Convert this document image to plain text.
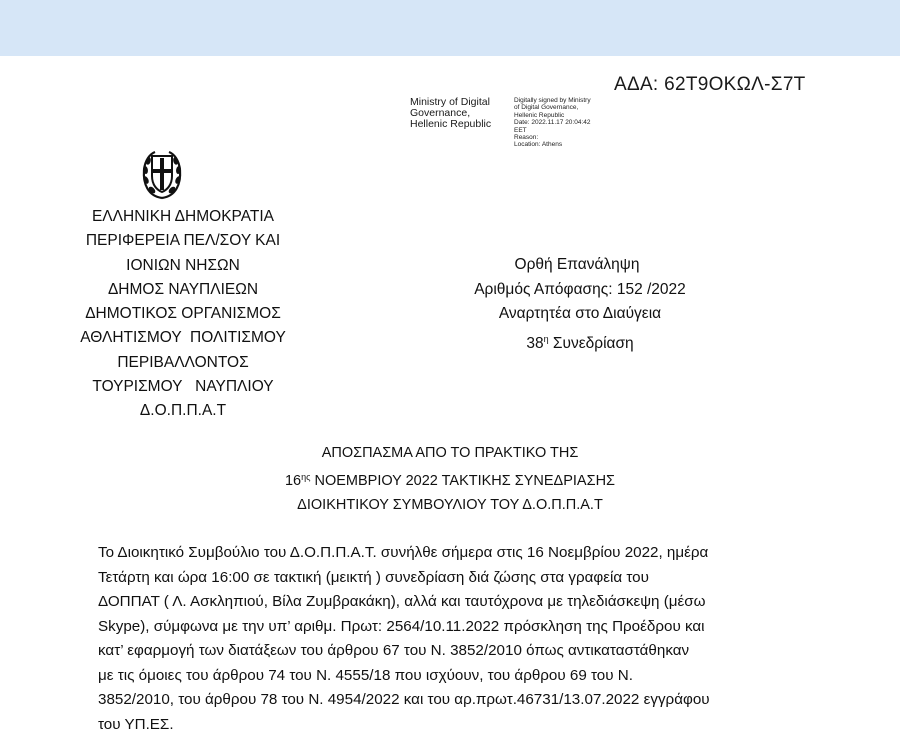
ΑΔΑ: 62Τ9ΟΚΩΛ-Σ7Τ
Ministry of Digital
Governance,
Hellenic Republic
Digitally signed by Ministry
of Digital Governance,
Hellenic Republic
Date: 2022.11.17 20:04:42
EET
Reason:
Location: Athens
ΕΛΛΗΝΙΚΗ ΔΗΜΟΚΡΑΤΙΑ
ΠΕΡΙΦΕΡΕΙΑ ΠΕΛ/ΣΟΥ ΚΑΙ
ΙΟΝΙΩΝ ΝΗΣΩΝ
ΔΗΜΟΣ ΝΑΥΠΛΙΕΩΝ
ΔΗΜΟΤΙΚΟΣ ΟΡΓΑΝΙΣΜΟΣ
ΑΘΛΗΤΙΣΜΟΥ  ΠΟΛΙΤΙΣΜΟΥ
ΠΕΡΙΒΑΛΛΟΝΤΟΣ
ΤΟΥΡΙΣΜΟΥ   ΝΑΥΠΛΙΟΥ
Δ.Ο.Π.Π.Α.Τ
Ορθή Επανάληψη
Αριθμός Απόφασης: 152 /2022
Αναρτητέα στο Διαύγεια
$38^\eta$ Συνεδρίαση
ΑΠΟΣΠΑΣΜΑ ΑΠΟ ΤΟ ΠΡΑΚΤΙΚΟ ΤΗΣ
$16^{\eta\varsigma}$ ΝΟΕΜΒΡΙΟΥ 2022 ΤΑΚΤΙΚΗΣ ΣΥΝΕΔΡΙΑΣΗΣ
ΔΙΟΙΚΗΤΙΚΟΥ ΣΥΜΒΟΥΛΙΟΥ ΤΟΥ Δ.Ο.Π.Π.Α.Τ
Το Διοικητικό Συμβούλιο του Δ.Ο.Π.Π.Α.Τ. συνήλθε σήμερα στις 16 Νοεμβρίου 2022, ημέρα
Τετάρτη και ώρα 16:00 σε τακτική (μεικτή ) συνεδρίαση διά ζώσης στα γραφεία του
ΔΟΠΠΑΤ ( Λ. Ασκληπιού, Βίλα Ζυμβρακάκη), αλλά και ταυτόχρονα με τηλεδιάσκεψη (μέσω
Skype), σύμφωνα με την υπ’ αριθμ. Πρωτ: 2564/10.11.2022 πρόσκληση της Προέδρου και
κατ’ εφαρμογή των διατάξεων του άρθρου 67 του Ν. 3852/2010 όπως αντικαταστάθηκαν
με τις όμοιες του άρθρου 74 του Ν. 4555/18 που ισχύουν, του άρθρου 69 του Ν.
3852/2010, του άρθρου 78 του Ν. 4954/2022 και του αρ.πρωτ.46731/13.07.2022 εγγράφου
του ΥΠ.ΕΣ.
